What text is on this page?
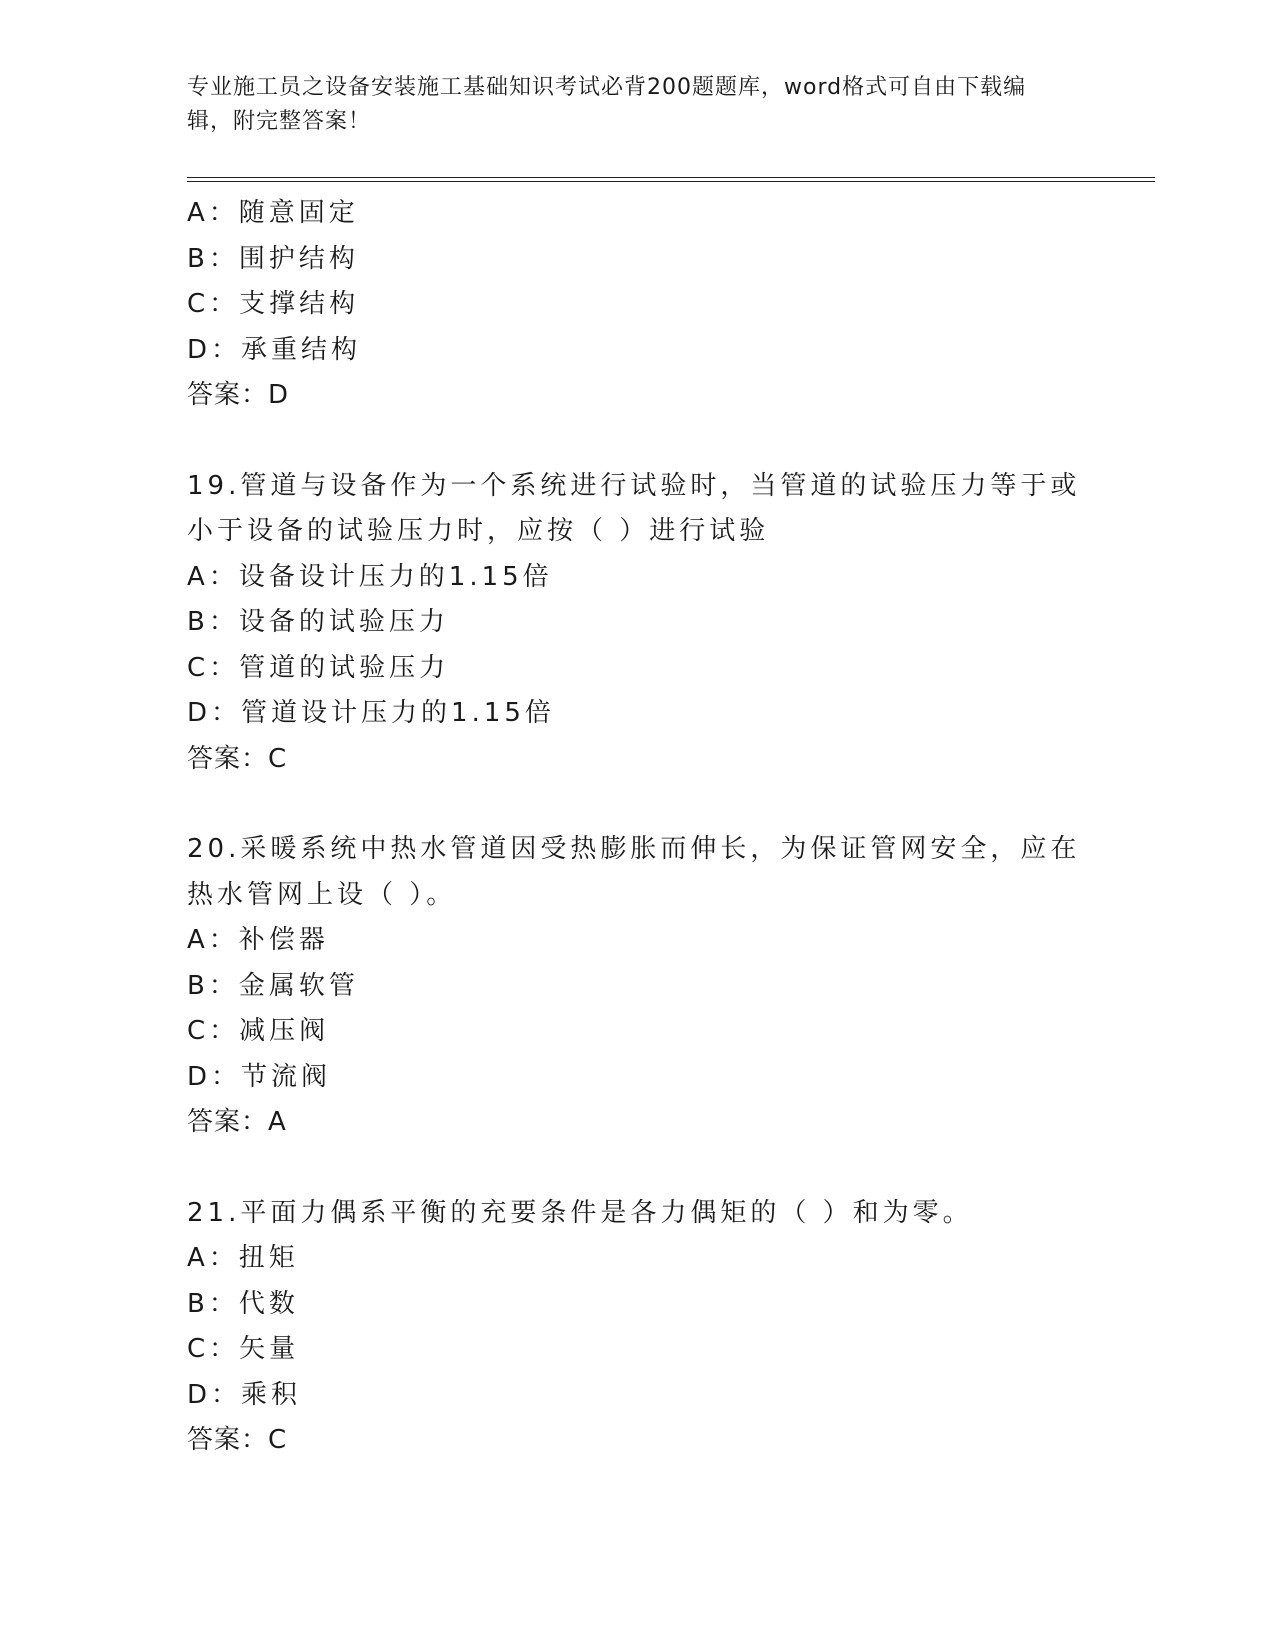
专业施工员之设备安装施工基础知识考试必背200题题库，word格式可自由下载编辑，附完整答案！
A：随意固定
B：围护结构
C：支撑结构
D：承重结构
答案：D
19.管道与设备作为一个系统进行试验时，当管道的试验压力等于或小于设备的试验压力时，应按（ ）进行试验
A：设备设计压力的1.15倍
B：设备的试验压力
C：管道的试验压力
D：管道设计压力的1.15倍
答案：C
20.采暖系统中热水管道因受热膨胀而伸长，为保证管网安全，应在热水管网上设（ ）。
A：补偿器
B：金属软管
C：减压阀
D：节流阀
答案：A
21.平面力偶系平衡的充要条件是各力偶矩的（ ）和为零。
A：扭矩
B：代数
C：矢量
D：乘积
答案：C
